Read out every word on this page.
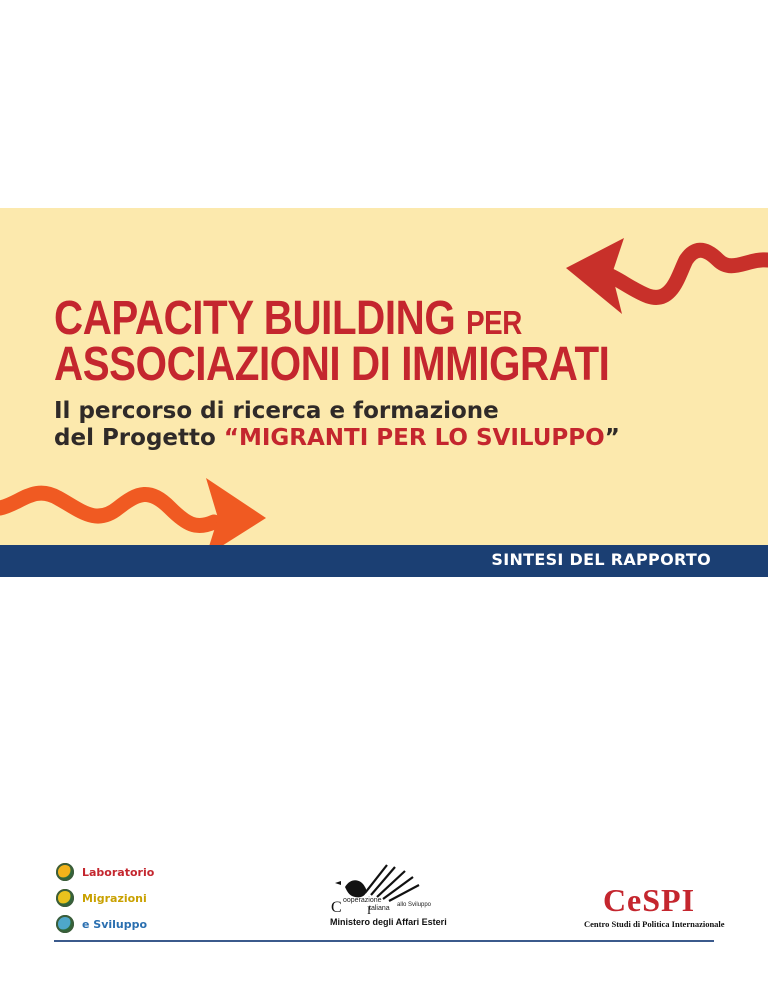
CAPACITY BUILDING PER
ASSOCIAZIONI DI IMMIGRATI
Il percorso di ricerca e formazione
del Progetto “MIGRANTI PER LO SVILUPPO”
SINTESI DEL RAPPORTO
Laboratorio
Migrazioni
e Sviluppo
C I
ooperazione
taliana allo Sviluppo
Ministero degli Affari Esteri
CeSPI
Centro Studi di Politica Internazionale
